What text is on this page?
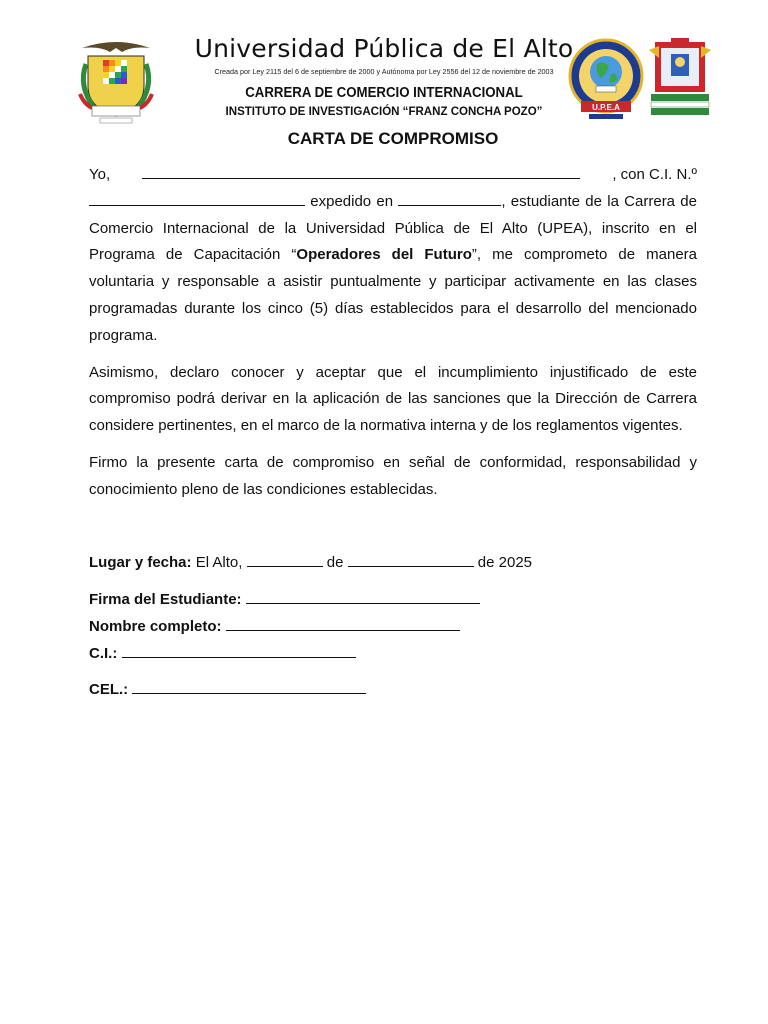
Universidad Pública de El Alto
Creada por Ley 2115 del 6 de septiembre de 2000 y Autónoma por Ley 2556 del 12 de noviembre de 2003
CARRERA DE COMERCIO INTERNACIONAL
INSTITUTO DE INVESTIGACIÓN “FRANZ CONCHA POZO”	U.P.E.A
CARTA DE COMPROMISO
Yo,	, con C.I. N.º
expedido en	, estudiante de la Carrera de Comercio Internacional de la Universidad Pública de El Alto (UPEA), inscrito en el Programa de Capacitación “Operadores del Futuro”, me comprometo de manera voluntaria y responsable a asistir puntualmente y participar activamente en las clases programadas durante los cinco (5) días establecidos para el desarrollo del mencionado programa.

Asimismo, declaro conocer y aceptar que el incumplimiento injustificado de este compromiso podrá derivar en la aplicación de las sanciones que la Dirección de Carrera considere pertinentes, en el marco de la normativa interna y de los reglamentos vigentes.

Firmo la presente carta de compromiso en señal de conformidad, responsabilidad y conocimiento pleno de las condiciones establecidas.

Lugar y fecha:
El Alto,

	de

	de 2025
Firma del Estudiante:

Nombre completo:

C.I.:

CEL.:
